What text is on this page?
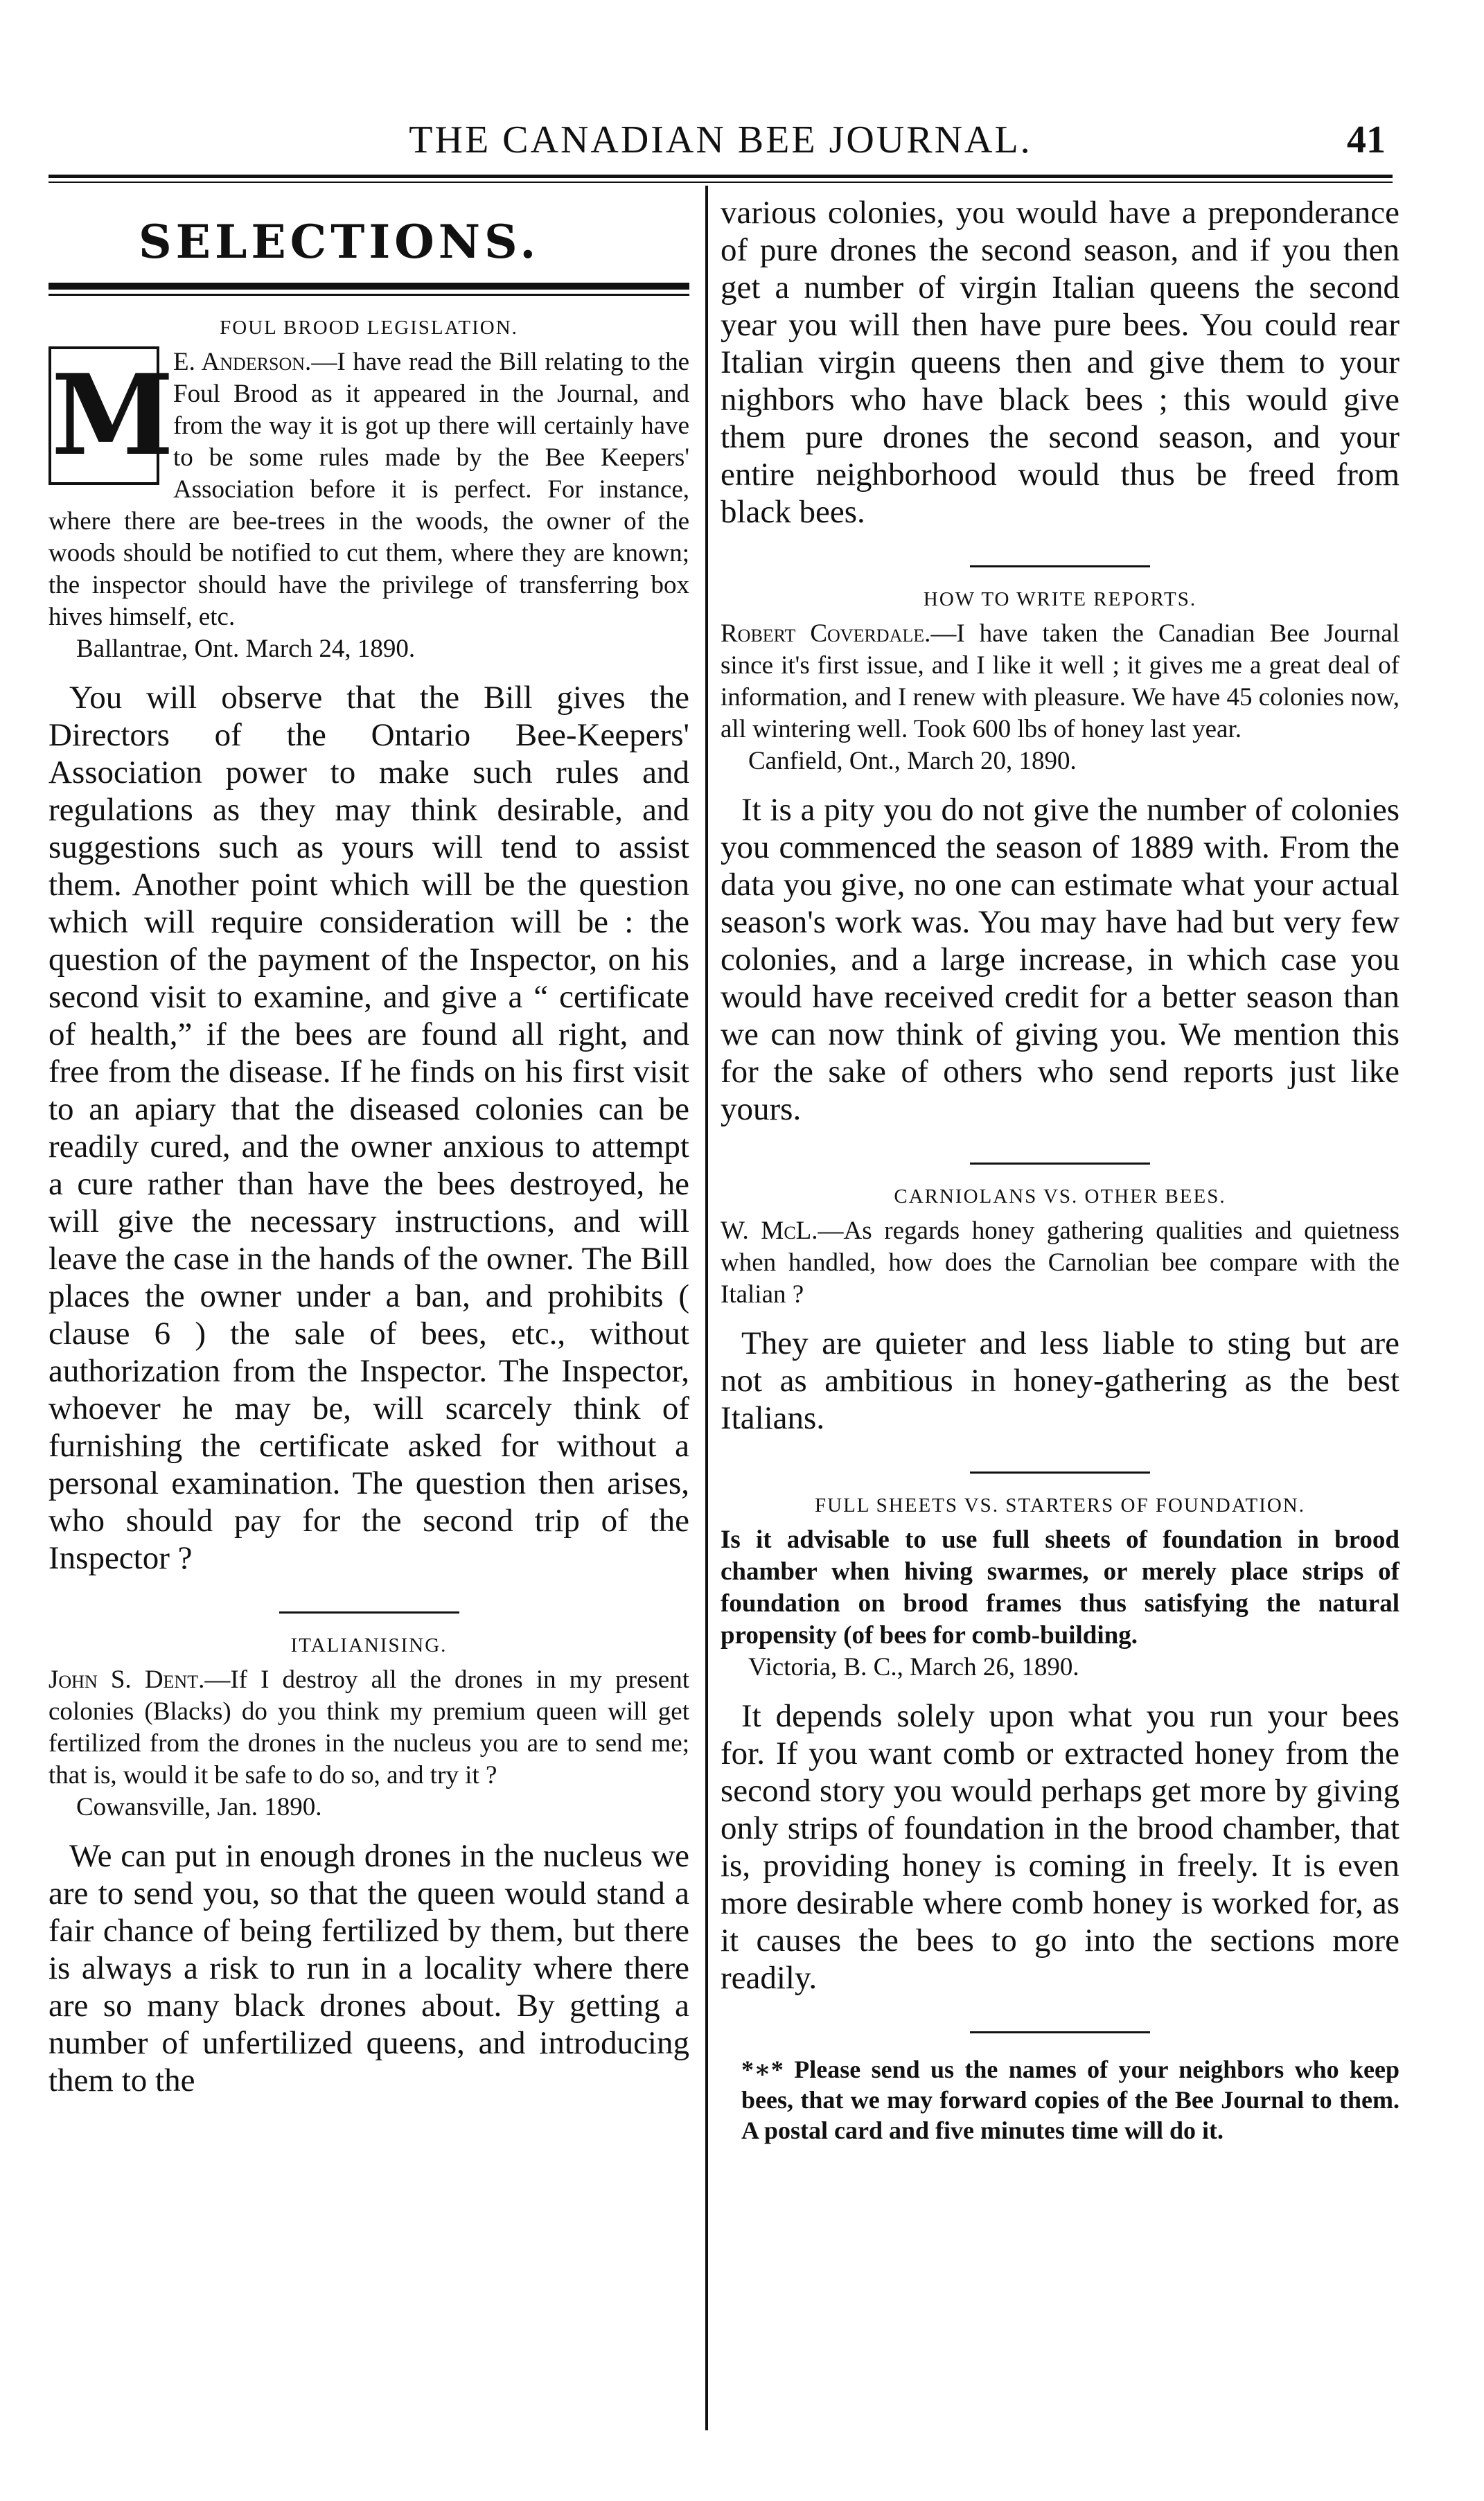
THE CANADIAN BEE JOURNAL.	41
SELECTIONS.
FOUL BROOD LEGISLATION.
M

E. Anderson.—I have read the Bill relating to the Foul Brood as it appeared in the Journal, and from the way it is got up there will certainly have to be some rules made by the Bee Keepers' Association before it is perfect. For instance, where there are bee-trees in the woods, the owner of the woods should be notified to cut them, where they are known; the inspector should have the privilege of transferring box hives himself, etc.

Ballantrae, Ont. March 24, 1890.

You will observe that the Bill gives the Directors of the Ontario Bee-Keepers' Association power to make such rules and regulations as they may think desirable, and suggestions such as yours will tend to assist them. Another point which will be the question which will require consideration will be : the question of the payment of the Inspector, on his second visit to examine, and give a “ certificate of health,” if the bees are found all right, and free from the disease. If he finds on his first visit to an apiary that the diseased colonies can be readily cured, and the owner anxious to attempt a cure rather than have the bees destroyed, he will give the necessary instructions, and will leave the case in the hands of the owner. The Bill places the owner under a ban, and prohibits ( clause 6 ) the sale of bees, etc., without authorization from the Inspector. The Inspector, whoever he may be, will scarcely think of furnishing the certificate asked for without a personal examination. The question then arises, who should pay for the second trip of the Inspector ?

ITALIANISING.

John S. Dent.—If I destroy all the drones in my present colonies (Blacks) do you think my premium queen will get fertilized from the drones in the nucleus you are to send me; that is, would it be safe to do so, and try it ?

Cowansville, Jan. 1890.

We can put in enough drones in the nucleus we are to send you, so that the queen would stand a fair chance of being fertilized by them, but there is always a risk to run in a locality where there are so many black drones about. By getting a number of unfertilized queens, and introducing them to the

various colonies, you would have a preponderance of pure drones the second season, and if you then get a number of virgin Italian queens the second year you will then have pure bees. You could rear Italian virgin queens then and give them to your nighbors who have black bees ; this would give them pure drones the second season, and your entire neighborhood would thus be freed from black bees.

HOW TO WRITE REPORTS.

Robert Coverdale.—I have taken the Canadian Bee Journal since it's first issue, and I like it well ; it gives me a great deal of information, and I renew with pleasure. We have 45 colonies now, all wintering well. Took 600 lbs of honey last year.

Canfield, Ont., March 20, 1890.

It is a pity you do not give the number of colonies you commenced the season of 1889 with. From the data you give, no one can estimate what your actual season's work was. You may have had but very few colonies, and a large increase, in which case you would have received credit for a better season than we can now think of giving you. We mention this for the sake of others who send reports just like yours.

CARNIOLANS VS. OTHER BEES.

W. McL.—As regards honey gathering qualities and quietness when handled, how does the Carnolian bee compare with the Italian ?

They are quieter and less liable to sting but are not as ambitious in honey-gathering as the best Italians.

FULL SHEETS VS. STARTERS OF FOUNDATION.

Is it advisable to use full sheets of foundation in brood chamber when hiving swarmes, or merely place strips of foundation on brood frames thus satisfying the natural propensity (of bees for comb-building.

Victoria, B. C., March 26, 1890.

It depends solely upon what you run your bees for. If you want comb or extracted honey from the second story you would perhaps get more by giving only strips of foundation in the brood chamber, that is, providing honey is coming in freely. It is even more desirable where comb honey is worked for, as it causes the bees to go into the sections more readily.

*∗* Please send us the names of your neighbors who keep bees, that we may forward copies of the Bee Journal to them. A postal card and five minutes time will do it.
